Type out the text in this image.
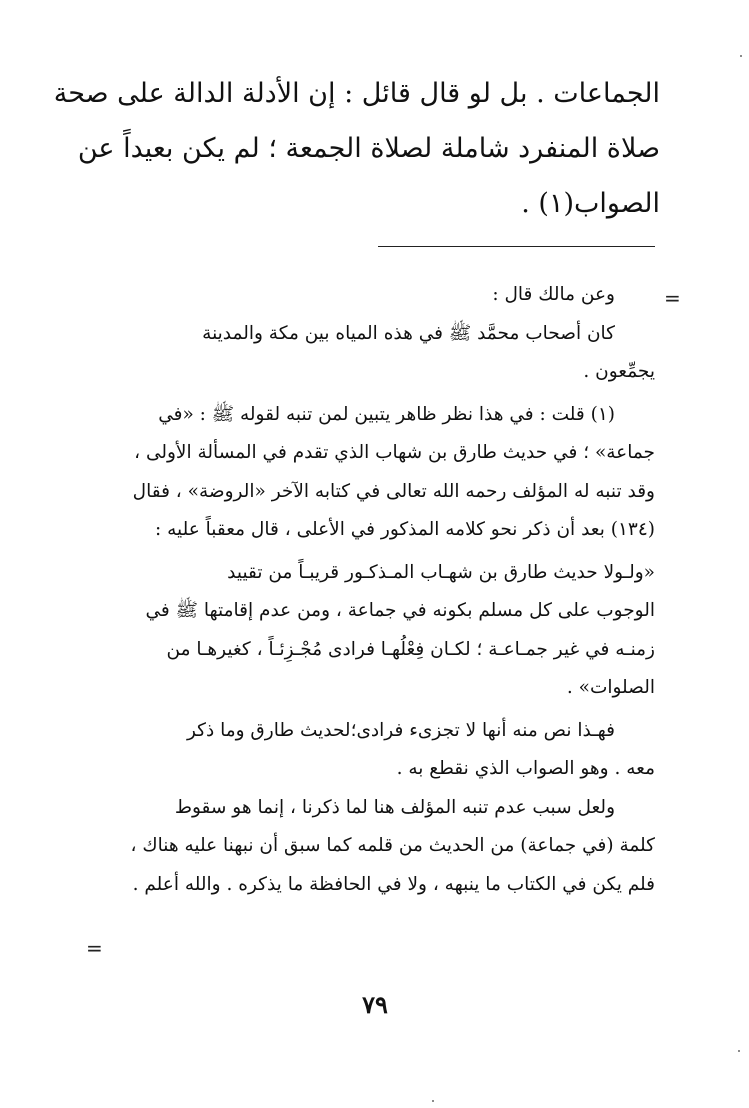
الجماعات . بل لو قال قائل : إن الأدلة الدالة على صحة
صلاة المنفرد شاملة لصلاة الجمعة ؛ لم يكن بعيداً عن
الصواب(١) .
=
وعن مالك قال :
كان أصحاب محمَّد ﷺ في هذه المياه بين مكة والمدينة
يجمِّعون .
(١) قلت : في هذا نظر ظاهر يتبين لمن تنبه لقوله ﷺ : «في
جماعة» ؛ في حديث طارق بن شهاب الذي تقدم في المسألة الأولى ،
وقد تنبه له المؤلف رحمه الله تعالى في كتابه الآخر «الروضة» ، فقال
(١٣٤) بعد أن ذكر نحو كلامه المذكور في الأعلى ، قال معقباً عليه :
«ولـولا حديث طارق بن شهـاب المـذكـور قريبـاً من تقييد
الوجوب على كل مسلم بكونه في جماعة ، ومن عدم إقامتها ﷺ في
زمنـه في غير جمـاعـة ؛ لكـان فِعْلُهـا فرادى مُجْـزِئـاً ، كغيرهـا من
الصلوات» .
فهـذا نص منه أنها لا تجزىء فرادى؛لحديث طارق وما ذكر
معه . وهو الصواب الذي نقطع به .
ولعل سبب عدم تنبه المؤلف هنا لما ذكرنا ، إنما هو سقوط
كلمة (في جماعة) من الحديث من قلمه كما سبق أن نبهنا عليه هناك ،
فلم يكن في الكتاب ما ينبهه ، ولا في الحافظة ما يذكره . والله أعلم .
=
٧٩
